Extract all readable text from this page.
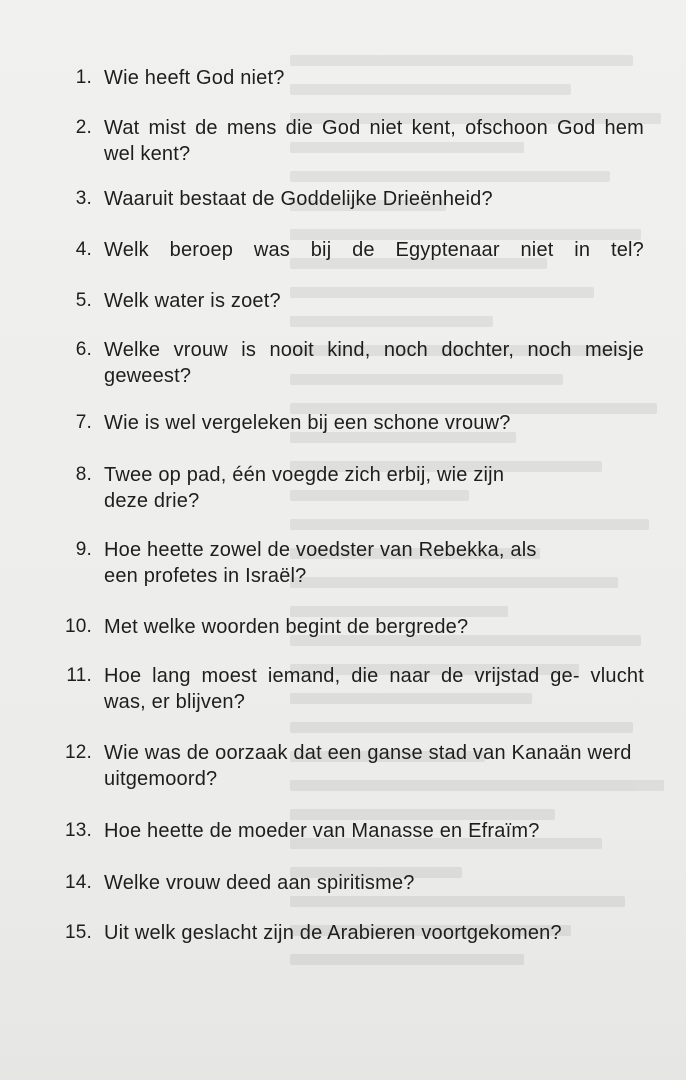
1. Wie heeft God niet?
2. Wat mist de mens die God niet kent, ofschoon God hem wel kent?
3. Waaruit bestaat de Goddelijke Drieënheid?
4. Welk beroep was bij de Egyptenaar niet in tel?
5. Welk water is zoet?
6. Welke vrouw is nooit kind, noch dochter, noch meisje geweest?
7. Wie is wel vergeleken bij een schone vrouw?
8. Twee op pad, één voegde zich erbij, wie zijn deze drie?
9. Hoe heette zowel de voedster van Rebekka, als een profetes in Israël?
10. Met welke woorden begint de bergrede?
11. Hoe lang moest iemand, die naar de vrijstad ge- vlucht was, er blijven?
12. Wie was de oorzaak dat een ganse stad van Kanaän werd uitgemoord?
13. Hoe heette de moeder van Manasse en Efraïm?
14. Welke vrouw deed aan spiritisme?
15. Uit welk geslacht zijn de Arabieren voortgekomen?
